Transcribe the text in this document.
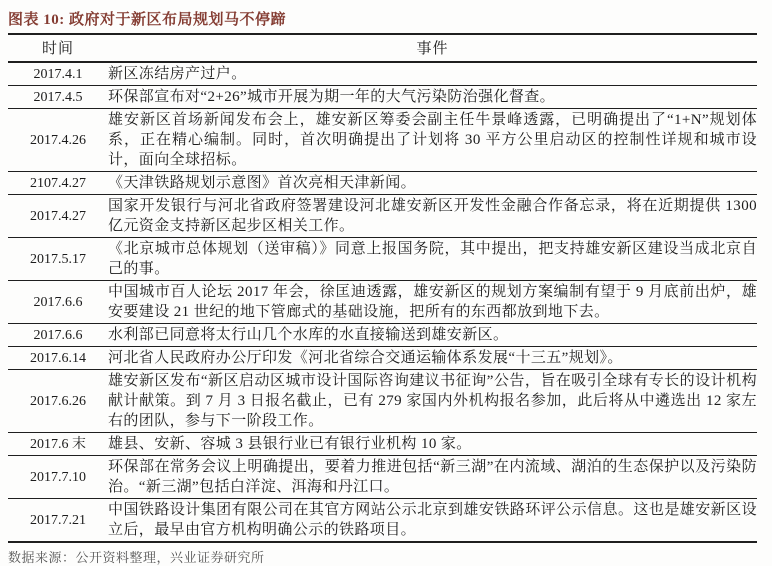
图表 10: 政府对于新区布局规划马不停蹄
时间	事件
2017.4.1	新区冻结房产过户。
2017.4.5	环保部宣布对“2+26”城市开展为期一年的大气污染防治强化督查。
2017.4.26	雄安新区首场新闻发布会上，雄安新区筹委会副主任牛景峰透露，已明确提出了“1+N”规划体系，正在精心编制。同时，首次明确提出了计划将 30 平方公里启动区的控制性详规和城市设计，面向全球招标。
2107.4.27	《天津铁路规划示意图》首次亮相天津新闻。
2017.4.27	国家开发银行与河北省政府签署建设河北雄安新区开发性金融合作备忘录，将在近期提供 1300 亿元资金支持新区起步区相关工作。
2017.5.17	《北京城市总体规划（送审稿）》同意上报国务院，其中提出，把支持雄安新区建设当成北京自己的事。
2017.6.6	中国城市百人论坛 2017 年会，徐匡迪透露，雄安新区的规划方案编制有望于 9 月底前出炉，雄安要建设 21 世纪的地下管廊式的基础设施，把所有的东西都放到地下去。
2017.6.6	水利部已同意将太行山几个水库的水直接输送到雄安新区。
2017.6.14	河北省人民政府办公厅印发《河北省综合交通运输体系发展“十三五”规划》。
2017.6.26	雄安新区发布“新区启动区城市设计国际咨询建议书征询”公告，旨在吸引全球有专长的设计机构献计献策。到 7 月 3 日报名截止，已有 279 家国内外机构报名参加，此后将从中遴选出 12 家左右的团队，参与下一阶段工作。
2017.6 末	雄县、安新、容城 3 县银行业已有银行业机构 10 家。
2017.7.10	环保部在常务会议上明确提出，要着力推进包括“新三湖”在内流域、湖泊的生态保护以及污染防治。“新三湖”包括白洋淀、洱海和丹江口。
2017.7.21	中国铁路设计集团有限公司在其官方网站公示北京到雄安铁路环评公示信息。这也是雄安新区设立后，最早由官方机构明确公示的铁路项目。
数据来源：公开资料整理，兴业证券研究所
